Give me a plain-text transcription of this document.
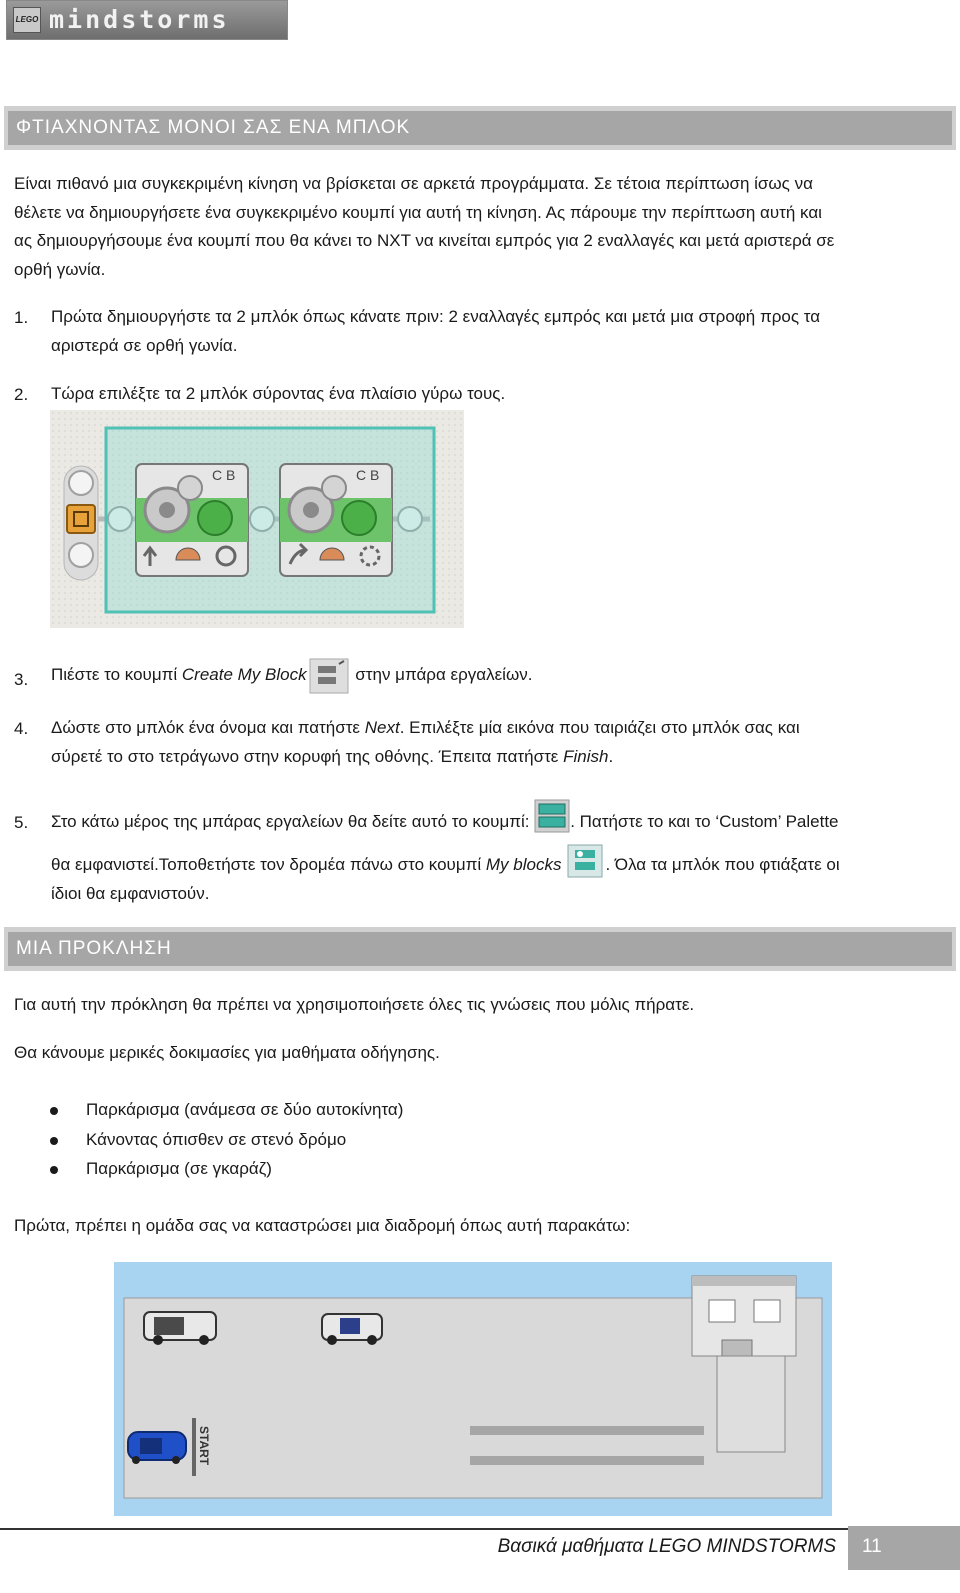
LEGO mindstorms
ΦΤΙΑΧΝΟΝΤΑΣ ΜΟΝΟΙ ΣΑΣ ΕΝΑ ΜΠΛΟΚ
Είναι πιθανό μια συγκεκριμένη κίνηση να βρίσκεται σε αρκετά προγράμματα. Σε τέτοια περίπτωση ίσως να
θέλετε να δημιουργήσετε ένα συγκεκριμένο κουμπί για αυτή τη κίνηση. Ας πάρουμε την περίπτωση αυτή και
ας δημιουργήσουμε ένα κουμπί που θα κάνει το NXT να κινείται εμπρός για 2 εναλλαγές και μετά αριστερά σε
ορθή γωνία.
1. Πρώτα δημιουργήστε τα 2 μπλόκ όπως κάνατε πριν: 2 εναλλαγές εμπρός και μετά μια στροφή προς τα
αριστερά σε ορθή γωνία.
2. Τώρα επιλέξτε τα 2 μπλόκ σύροντας ένα πλαίσιο γύρω τους.
C B	C B
3. Πιέστε το κουμπί Create My Block	στην μπάρα εργαλείων.
4. Δώστε στο μπλόκ ένα όνομα και πατήστε Next. Επιλέξτε μία εικόνα που ταιριάζει στο μπλόκ σας και
σύρετέ το στο τετράγωνο στην κορυφή της οθόνης. Έπειτα πατήστε Finish.
5. Στο κάτω μέρος της μπάρας εργαλείων θα δείτε αυτό το κουμπί: . Πατήστε το και το ‘Custom’ Palette
θα εμφανιστεί.Τοποθετήστε τον δρομέα πάνω στο κουμπί My blocks	. Όλα τα μπλόκ που φτιάξατε οι
ίδιοι θα εμφανιστούν.
ΜΙΑ ΠΡΟΚΛΗΣΗ
Για αυτή την πρόκληση θα πρέπει να χρησιμοποιήσετε όλες τις γνώσεις που μόλις πήρατε.
Θα κάνουμε μερικές δοκιμασίες για μαθήματα οδήγησης.
Παρκάρισμα (ανάμεσα σε δύο αυτοκίνητα)
Κάνοντας όπισθεν σε στενό δρόμο
Παρκάρισμα (σε γκαράζ)
Πρώτα, πρέπει η ομάδα σας να καταστρώσει μια διαδρομή όπως αυτή παρακάτω:
START
Βασικά μαθήματα LEGO MINDSTORMS 11
